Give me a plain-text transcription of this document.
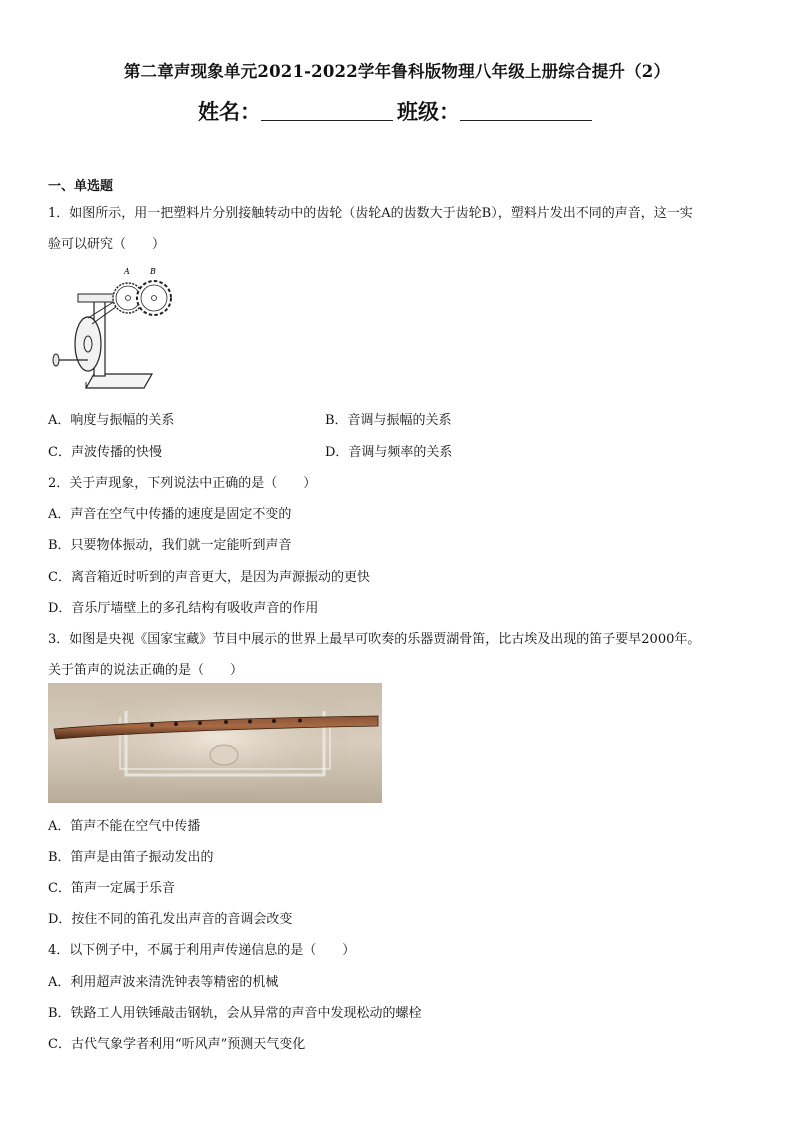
第二章声现象单元2021-2022学年鲁科版物理八年级上册综合提升（2）
姓名：	班级：
一、单选题
1．如图所示，用一把塑料片分别接触转动中的齿轮（齿轮A的齿数大于齿轮B），塑料片发出不同的声音，这一实
验可以研究（　　）
A	B
A．响度与振幅的关系	B．音调与振幅的关系
C．声波传播的快慢	D．音调与频率的关系
2．关于声现象，下列说法中正确的是（　　）
A．声音在空气中传播的速度是固定不变的
B．只要物体振动，我们就一定能听到声音
C．离音箱近时听到的声音更大，是因为声源振动的更快
D．音乐厅墙壁上的多孔结构有吸收声音的作用
3．如图是央视《国家宝藏》节目中展示的世界上最早可吹奏的乐器贾湖骨笛，比古埃及出现的笛子要早2000年。
关于笛声的说法正确的是（　　）
A．笛声不能在空气中传播
B．笛声是由笛子振动发出的
C．笛声一定属于乐音
D．按住不同的笛孔发出声音的音调会改变
4．以下例子中，不属于利用声传递信息的是（　　）
A．利用超声波来清洗钟表等精密的机械
B．铁路工人用铁锤敲击钢轨，会从异常的声音中发现松动的螺栓
C．古代气象学者利用“听风声”预测天气变化
